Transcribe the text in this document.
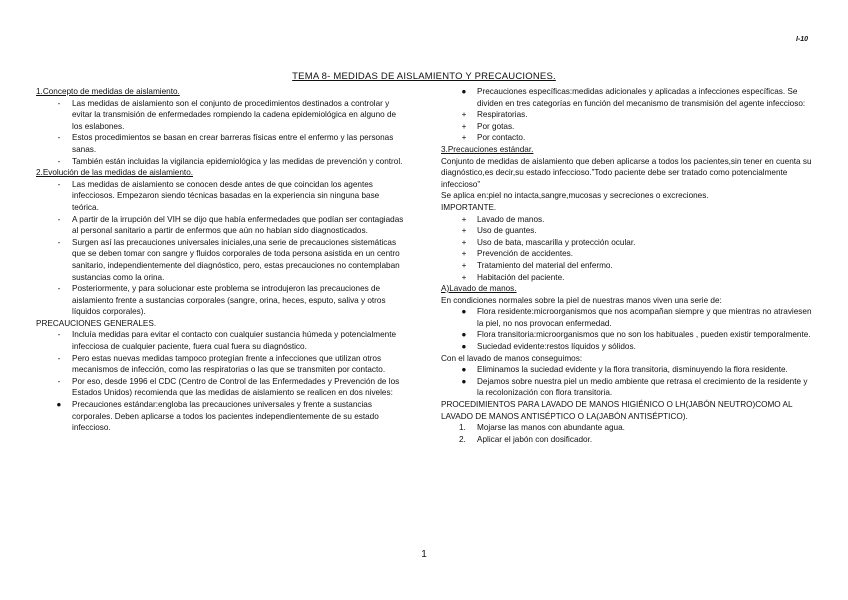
I-10
TEMA 8- MEDIDAS DE AISLAMIENTO Y PRECAUCIONES.
1.Concepto de medidas de aislamiento.
-	Las medidas de aislamiento son el conjunto de procedimientos destinados a controlar y evitar la transmisión de enfermedades rompiendo la cadena epidemiológica en alguno de los eslabones.
-	Estos procedimientos se basan en crear barreras físicas entre el enfermo y las personas sanas.
-	También están incluidas la vigilancia epidemiológica y las medidas de prevención y control.
2.Evolución de las medidas de aislamiento.
-	Las medidas de aislamiento se conocen desde antes de que coincidan los agentes infecciosos. Empezaron siendo técnicas basadas en la experiencia sin ninguna base teórica.
-	A partir de la irrupción del VIH se dijo que había enfermedades que podían ser contagiadas al personal sanitario a partir de enfermos que aún no habían sido diagnosticados.
-	Surgen así las precauciones universales iniciales,una serie de precauciones sistemáticas que se deben tomar con sangre y fluidos corporales de toda persona asistida en un centro sanitario, independientemente del diagnóstico, pero, estas precauciones no contemplaban sustancias como la orina.
-	Posteriormente, y para solucionar este problema se introdujeron las precauciones de aislamiento frente a sustancias corporales (sangre, orina, heces, esputo, saliva y otros líquidos corporales).
PRECAUCIONES GENERALES.
-	Incluía medidas para evitar el contacto con cualquier sustancia húmeda y potencialmente infecciosa de cualquier paciente, fuera cual fuera su diagnóstico.
-	Pero estas nuevas medidas tampoco protegían frente a infecciones que utilizan otros mecanismos de infección, como las respiratorias o las que se transmiten por contacto.
-	Por eso, desde 1996 el CDC (Centro de Control de las Enfermedades y Prevención de los Estados Unidos) recomienda que las medidas de aislamiento se realicen en dos niveles:
●	Precauciones estándar:engloba las precauciones universales y frente a sustancias corporales. Deben aplicarse a todos los pacientes independientemente de su estado infeccioso.
●	Precauciones específicas:medidas adicionales y aplicadas a infecciones específicas. Se dividen en tres categorías en función del mecanismo de transmisión del agente infeccioso:
+	Respiratorias.
+	Por gotas.
+	Por contacto.
3.Precauciones estándar.
Conjunto de medidas de aislamiento que deben aplicarse a todos los pacientes,sin tener en cuenta su diagnóstico,es decir,su estado infeccioso.”Todo paciente debe ser tratado como potencialmente infeccioso”
Se aplica en:piel no intacta,sangre,mucosas y secreciones o excreciones.
IMPORTANTE.
+	Lavado de manos.
+	Uso de guantes.
+	Uso de bata, mascarilla y protección ocular.
+	Prevención de accidentes.
+	Tratamiento del material del enfermo.
+	Habitación del paciente.
A)Lavado de manos.
En condiciones normales sobre la piel de nuestras manos viven una serie de:
●	Flora residente:microorganismos que nos acompañan siempre y que mientras no atraviesen la piel, no nos provocan enfermedad.
●	Flora transitoria:microorganismos que no son los habituales , pueden existir temporalmente.
●	Suciedad evidente:restos líquidos y sólidos.
Con el lavado de manos conseguimos:
●	Eliminamos la suciedad evidente y la flora transitoria, disminuyendo la flora residente.
●	Dejamos sobre nuestra piel un medio ambiente que retrasa el crecimiento de la residente y la recolonización con flora transitoria.
PROCEDIMIENTOS PARA LAVADO DE MANOS HIGIÉNICO O LH(JABÓN NEUTRO)COMO AL LAVADO DE MANOS ANTISÉPTICO O LA(JABÓN ANTISÉPTICO).
1. Mojarse las manos con abundante agua.
2. Aplicar el jabón con dosificador.
1
